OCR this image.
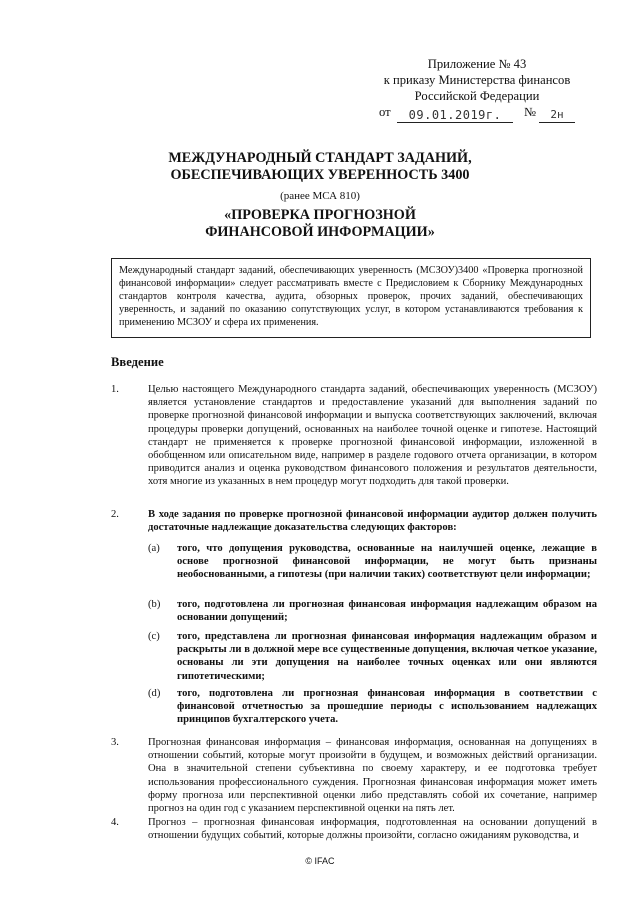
Приложение № 43
к приказу Министерства финансов
Российской Федерации
от	09.01.2019г.	№	2н
МЕЖДУНАРОДНЫЙ СТАНДАРТ ЗАДАНИЙ,
ОБЕСПЕЧИВАЮЩИХ УВЕРЕННОСТЬ 3400
(ранее МСА 810)
«ПРОВЕРКА ПРОГНОЗНОЙ
ФИНАНСОВОЙ ИНФОРМАЦИИ»
Международный стандарт заданий, обеспечивающих уверенность (МСЗОУ)3400 «Проверка прогнозной финансовой информации» следует рассматривать вместе с Предисловием к Сборнику Международных стандартов контроля качества, аудита, обзорных проверок, прочих заданий, обеспечивающих уверенность, и заданий по оказанию сопутствующих услуг, в котором устанавливаются требования к применению МСЗОУ и сфера их применения.
Введение
1.	Целью настоящего Международного стандарта заданий, обеспечивающих уверенность (МСЗОУ) является установление стандартов и предоставление указаний для выполнения заданий по проверке прогнозной финансовой информации и выпуска соответствующих заключений, включая процедуры проверки допущений, основанных на наиболее точной оценке и гипотезе. Настоящий стандарт не применяется к проверке прогнозной финансовой информации, изложенной в обобщенном или описательном виде, например в разделе годового отчета организации, в котором приводится анализ и оценка руководством финансового положения и результатов деятельности, хотя многие из указанных в нем процедур могут подходить для такой проверки.
2.	В ходе задания по проверке прогнозной финансовой информации аудитор должен получить достаточные надлежащие доказательства следующих факторов:
(a)	того, что допущения руководства, основанные на наилучшей оценке, лежащие в основе прогнозной финансовой информации, не могут быть признаны необоснованными, а гипотезы (при наличии таких) соответствуют цели информации;
(b)	того, подготовлена ли прогнозная финансовая информация надлежащим образом на основании допущений;
(c)	того, представлена ли прогнозная финансовая информация надлежащим образом и раскрыты ли в должной мере все существенные допущения, включая четкое указание, основаны ли эти допущения на наиболее точных оценках или они являются гипотетическими;
(d)	того, подготовлена ли прогнозная финансовая информация в соответствии с финансовой отчетностью за прошедшие периоды с использованием надлежащих принципов бухгалтерского учета.
3.	Прогнозная финансовая информация – финансовая информация, основанная на допущениях в отношении событий, которые могут произойти в будущем, и возможных действий организации. Она в значительной степени субъективна по своему характеру, и ее подготовка требует использования профессионального суждения. Прогнозная финансовая информация может иметь форму прогноза или перспективной оценки либо представлять собой их сочетание, например прогноз на один год с указанием перспективной оценки на пять лет.
4.	Прогноз – прогнозная финансовая информация, подготовленная на основании допущений в отношении будущих событий, которые должны произойти, согласно ожиданиям руководства, и
© IFAC
